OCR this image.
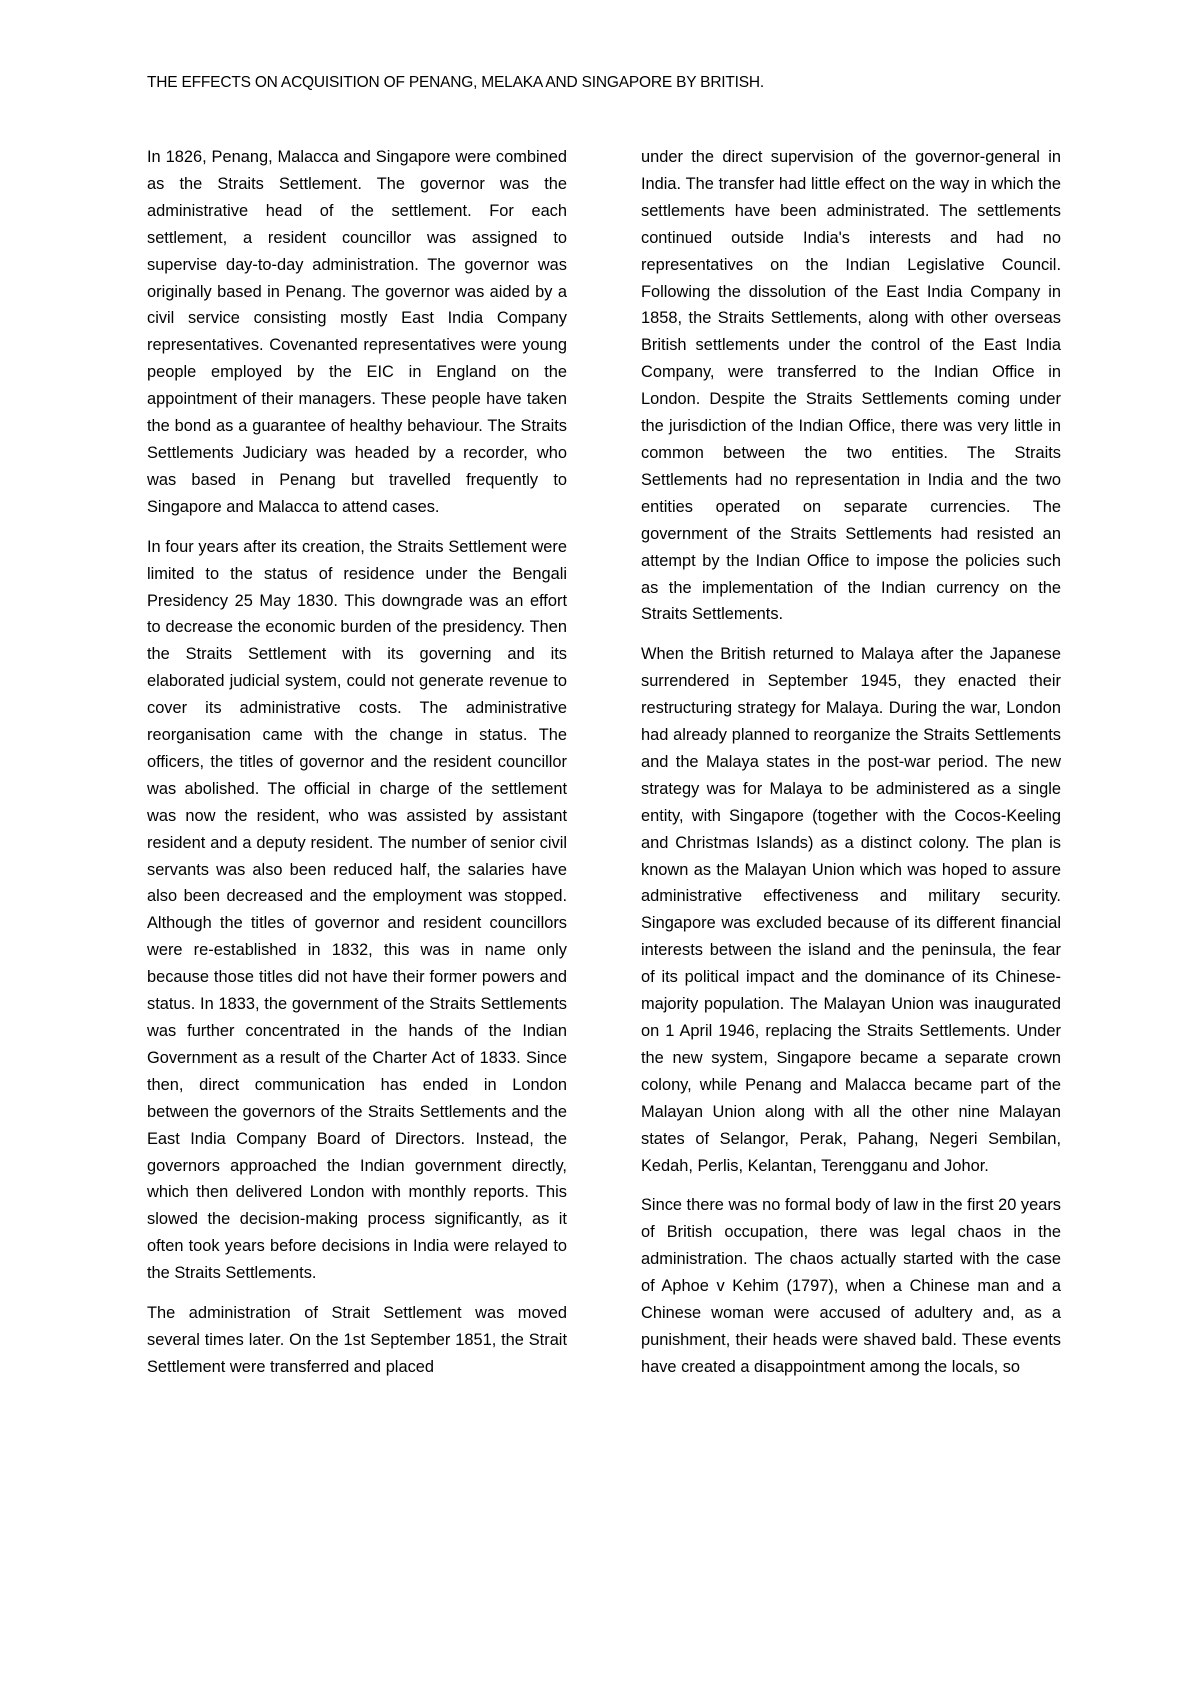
THE EFFECTS ON ACQUISITION OF PENANG, MELAKA AND SINGAPORE BY BRITISH.

In 1826, Penang, Malacca and Singapore were combined as the Straits Settlement. The governor was the administrative head of the settlement. For each settlement, a resident councillor was assigned to supervise day-to-day administration. The governor was originally based in Penang. The governor was aided by a civil service consisting mostly East India Company representatives. Covenanted representatives were young people employed by the EIC in England on the appointment of their managers. These people have taken the bond as a guarantee of healthy behaviour. The Straits Settlements Judiciary was headed by a recorder, who was based in Penang but travelled frequently to Singapore and Malacca to attend cases.

In four years after its creation, the Straits Settlement were limited to the status of residence under the Bengali Presidency 25 May 1830. This downgrade was an effort to decrease the economic burden of the presidency. Then the Straits Settlement with its governing and its elaborated judicial system, could not generate revenue to cover its administrative costs. The administrative reorganisation came with the change in status. The officers, the titles of governor and the resident councillor was abolished. The official in charge of the settlement was now the resident, who was assisted by assistant resident and a deputy resident. The number of senior civil servants was also been reduced half, the salaries have also been decreased and the employment was stopped. Although the titles of governor and resident councillors were re-established in 1832, this was in name only because those titles did not have their former powers and status. In 1833, the government of the Straits Settlements was further concentrated in the hands of the Indian Government as a result of the Charter Act of 1833. Since then, direct communication has ended in London between the governors of the Straits Settlements and the East India Company Board of Directors. Instead, the governors approached the Indian government directly, which then delivered London with monthly reports. This slowed the decision-making process significantly, as it often took years before decisions in India were relayed to the Straits Settlements.

The administration of Strait Settlement was moved several times later. On the 1st September 1851, the Strait Settlement were transferred and placed

under the direct supervision of the governor-general in India. The transfer had little effect on the way in which the settlements have been administrated. The settlements continued outside India's interests and had no representatives on the Indian Legislative Council. Following the dissolution of the East India Company in 1858, the Straits Settlements, along with other overseas British settlements under the control of the East India Company, were transferred to the Indian Office in London. Despite the Straits Settlements coming under the jurisdiction of the Indian Office, there was very little in common between the two entities. The Straits Settlements had no representation in India and the two entities operated on separate currencies. The government of the Straits Settlements had resisted an attempt by the Indian Office to impose the policies such as the implementation of the Indian currency on the Straits Settlements.

When the British returned to Malaya after the Japanese surrendered in September 1945, they enacted their restructuring strategy for Malaya. During the war, London had already planned to reorganize the Straits Settlements and the Malaya states in the post-war period. The new strategy was for Malaya to be administered as a single entity, with Singapore (together with the Cocos-Keeling and Christmas Islands) as a distinct colony. The plan is known as the Malayan Union which was hoped to assure administrative effectiveness and military security. Singapore was excluded because of its different financial interests between the island and the peninsula, the fear of its political impact and the dominance of its Chinese-majority population. The Malayan Union was inaugurated on 1 April 1946, replacing the Straits Settlements. Under the new system, Singapore became a separate crown colony, while Penang and Malacca became part of the Malayan Union along with all the other nine Malayan states of Selangor, Perak, Pahang, Negeri Sembilan, Kedah, Perlis, Kelantan, Terengganu and Johor.

Since there was no formal body of law in the first 20 years of British occupation, there was legal chaos in the administration. The chaos actually started with the case of Aphoe v Kehim (1797), when a Chinese man and a Chinese woman were accused of adultery and, as a punishment, their heads were shaved bald. These events have created a disappointment among the locals, so
